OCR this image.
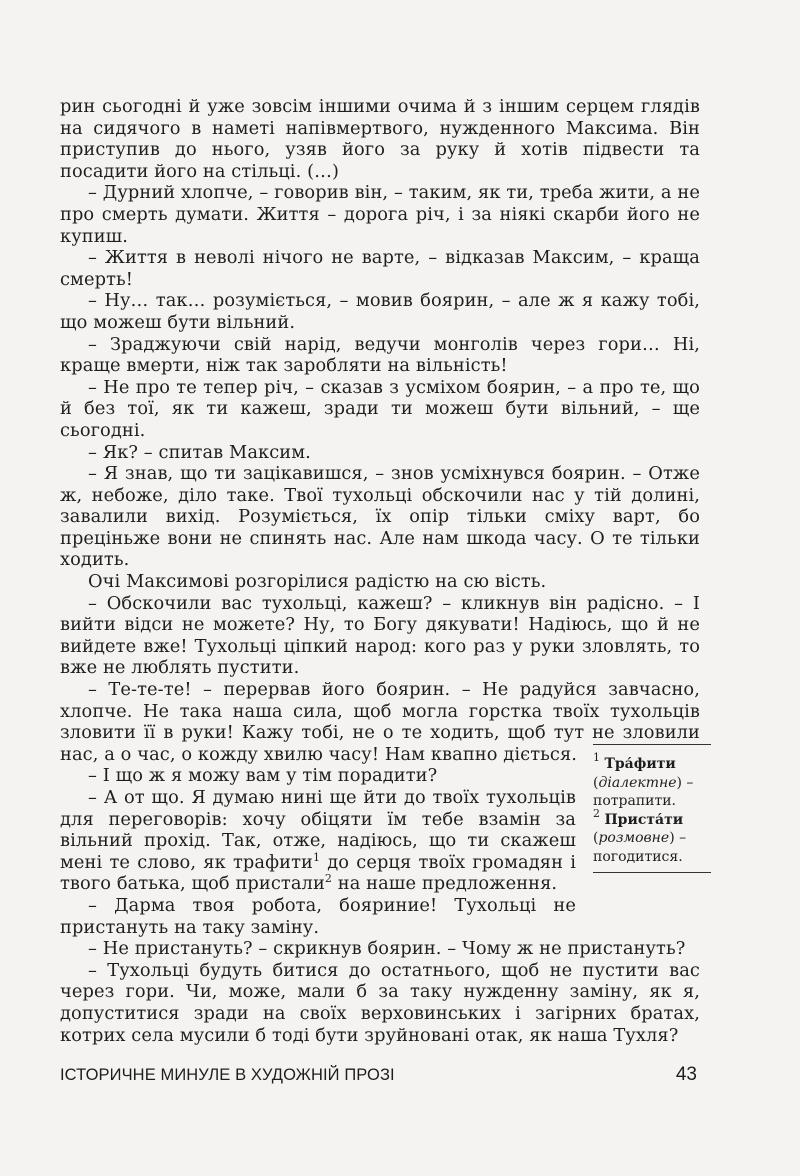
рин сьогодні й уже зовсім іншими очима й з іншим серцем глядів на сидячого в наметі напівмертвого, нужденного Максима. Він приступив до нього, узяв його за руку й хотів підвести та посадити його на стільці. (…)

– Дурний хлопче, – говорив він, – таким, як ти, треба жити, а не про смерть думати. Життя – дорога річ, і за ніякі скарби його не купиш.

– Життя в неволі нічого не варте, – відказав Максим, – краща смерть!

– Ну… так… розуміється, – мовив боярин, – але ж я кажу тобі, що можеш бути вільний.

– Зраджуючи свій нарід, ведучи монголів через гори… Ні, краще вмерти, ніж так заробляти на вільність!

– Не про те тепер річ, – сказав з усміхом боярин, – а про те, що й без тої, як ти кажеш, зради ти можеш бути вільний, – ще сьогодні.

– Як? – спитав Максим.

– Я знав, що ти зацікавишся, – знов усміхнувся боярин. – Отже ж, небоже, діло таке. Твої тухольці обскочили нас у тій долині, завалили вихід. Розуміється, їх опір тільки сміху варт, бо преціньже вони не спинять нас. Але нам шкода часу. О те тільки ходить.

Очі Максимові розгорілися радістю на сю вість.

– Обскочили вас тухольці, кажеш? – кликнув він радісно. – І вийти відси не можете? Ну, то Богу дякувати! Надіюсь, що й не вийдете вже! Тухольці ціпкий народ: кого раз у руки зловлять, то вже не люблять пустити.

– Те-те-те! – перервав його боярин. – Не радуйся завчасно, хлопче. Не така наша сила, щоб могла горстка твоїх тухольців зловити її в руки! Кажу тобі, не о те ходить, щоб тут не зловили нас, а о час, о кожду хвилю часу! Нам квапно діється.

– І що ж я можу вам у тім порадити?

– А от що. Я думаю нині ще йти до твоїх тухольців для переговорів: хочу обіцяти їм тебе взамін за вільний прохід. Так, отже, надіюсь, що ти скажеш мені те слово, як трафити$^1$ до серця твоїх громадян і твого батька, щоб пристали$^2$ на наше предложення.

– Дарма твоя робота, бояриние! Тухольці не пристануть на таку заміну.

– Не пристануть? – скрикнув боярин. – Чому ж не пристануть?

– Тухольці будуть битися до остатнього, щоб не пустити вас через гори. Чи, може, мали б за таку нужденну заміну, як я, допуститися зради на своїх верховинських і загірних братах, котрих села мусили б тоді бути зруйновані отак, як наша Тухля?

$^1$ Тра́фити
(діалектне) –
потрапити.
$^2$ Приста́ти
(розмовне) –
погодитися.
ІСТОРИЧНЕ МИНУЛЕ В ХУДОЖНІЙ ПРОЗІ	43
